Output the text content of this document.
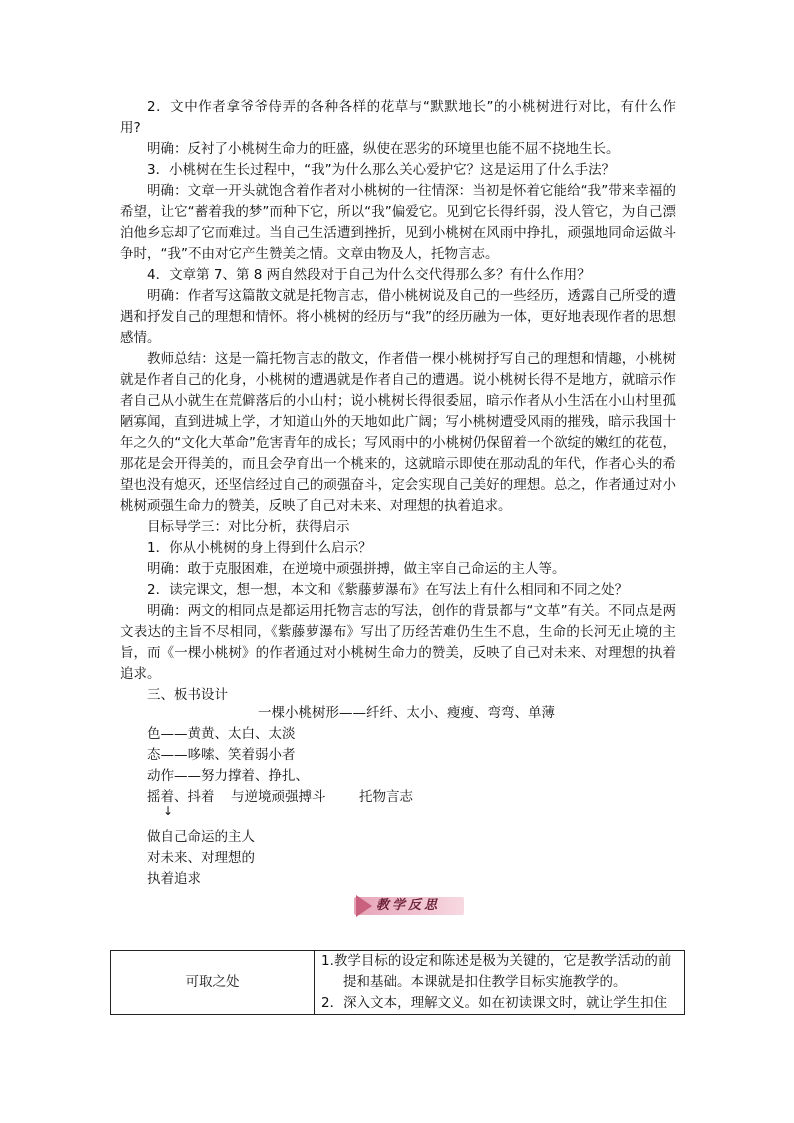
2．文中作者拿爷爷侍弄的各种各样的花草与“默默地长”的小桃树进行对比，有什么作用?

明确：反衬了小桃树生命力的旺盛，纵使在恶劣的环境里也能不屈不挠地生长。

3．小桃树在生长过程中，“我”为什么那么关心爱护它？这是运用了什么手法？

明确：文章一开头就饱含着作者对小桃树的一往情深：当初是怀着它能给“我”带来幸福的希望，让它“蓄着我的梦”而种下它，所以“我”偏爱它。见到它长得纤弱，没人管它，为自己漂泊他乡忘却了它而难过。当自己生活遭到挫折，见到小桃树在风雨中挣扎，顽强地同命运做斗争时，“我”不由对它产生赞美之情。文章由物及人，托物言志。

4．文章第 7、第 8 两自然段对于自己为什么交代得那么多？有什么作用？

明确：作者写这篇散文就是托物言志，借小桃树说及自己的一些经历，透露自己所受的遭遇和抒发自己的理想和情怀。将小桃树的经历与“我”的经历融为一体，更好地表现作者的思想感情。

教师总结：这是一篇托物言志的散文，作者借一棵小桃树抒写自己的理想和情趣，小桃树就是作者自己的化身，小桃树的遭遇就是作者自己的遭遇。说小桃树长得不是地方，就暗示作者自己从小就生在荒僻落后的小山村；说小桃树长得很委屈，暗示作者从小生活在小山村里孤陋寡闻，直到进城上学，才知道山外的天地如此广阔；写小桃树遭受风雨的摧残，暗示我国十年之久的“文化大革命”危害青年的成长；写风雨中的小桃树仍保留着一个欲绽的嫩红的花苞，那花是会开得美的，而且会孕育出一个桃来的，这就暗示即使在那动乱的年代，作者心头的希望也没有熄灭，还坚信经过自己的顽强奋斗，定会实现自己美好的理想。总之，作者通过对小桃树顽强生命力的赞美，反映了自己对未来、对理想的执着追求。

目标导学三：对比分析，获得启示

1．你从小桃树的身上得到什么启示？

明确：敢于克服困难，在逆境中顽强拼搏，做主宰自己命运的主人等。

2．读完课文，想一想，本文和《紫藤萝瀑布》在写法上有什么相同和不同之处？

明确：两文的相同点是都运用托物言志的写法，创作的背景都与“文革”有关。不同点是两文表达的主旨不尽相同，《紫藤萝瀑布》写出了历经苦难仍生生不息，生命的长河无止境的主旨，而《一棵小桃树》的作者通过对小桃树生命力的赞美，反映了自己对未来、对理想的执着追求。

三、板书设计

一棵小桃树形——纤纤、太小、瘦瘦、弯弯、单薄

色——黄黄、太白、太淡

态——哆嗦、笑着弱小者

动作——努力撑着、挣扎、

摇着、抖着 与逆境顽强搏斗 托物言志

↓

做自己命运的主人

对未来、对理想的

执着追求

教学反思
可取之处	
1.教学目标的设定和陈述是极为关键的，它是教学活动的前
提和基础。本课就是扣住教学目标实施教学的。
2．深入文本，理解文义。如在初读课文时，就让学生扣住
